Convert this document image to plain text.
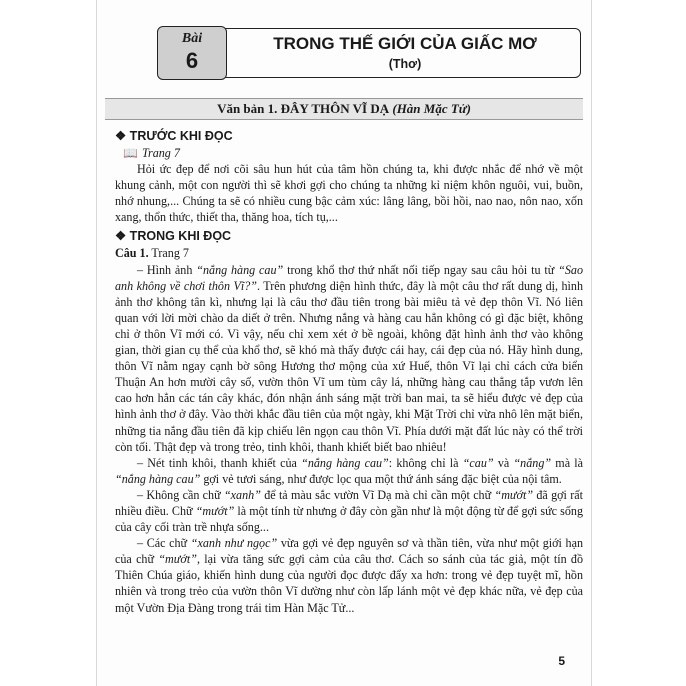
Bài
6
TRONG THẾ GIỚI CỦA GIẤC MƠ
(Thơ)
Văn bản 1. ĐÂY THÔN VĨ DẠ (Hàn Mặc Tử)
❖ TRƯỚC KHI ĐỌC
📖 Trang 7

Hỏi ức đẹp để nơi cõi sâu hun hút của tâm hồn chúng ta, khi được nhắc để nhớ về một khung cảnh, một con người thì sẽ khơi gợi cho chúng ta những kỉ niệm khôn nguôi, vui, buồn, nhớ nhung,... Chúng ta sẽ có nhiều cung bậc cảm xúc: lâng lâng, bồi hồi, nao nao, nôn nao, xốn xang, thổn thức, thiết tha, thăng hoa, tích tụ,...

❖ TRONG KHI ĐỌC
Câu 1. Trang 7

– Hình ảnh “nắng hàng cau” trong khổ thơ thứ nhất nối tiếp ngay sau câu hỏi tu từ “Sao anh không về chơi thôn Vĩ?”. Trên phương diện hình thức, đây là một câu thơ rất dung dị, hình ảnh thơ không tân kì, nhưng lại là câu thơ đầu tiên trong bài miêu tả vẻ đẹp thôn Vĩ. Nó liên quan với lời mời chào da diết ở trên. Nhưng nắng và hàng cau hẳn không có gì đặc biệt, không chỉ ở thôn Vĩ mới có. Vì vậy, nếu chỉ xem xét ở bề ngoài, không đặt hình ảnh thơ vào không gian, thời gian cụ thể của khổ thơ, sẽ khó mà thấy được cái hay, cái đẹp của nó. Hãy hình dung, thôn Vĩ nằm ngay cạnh bờ sông Hương thơ mộng của xứ Huế, thôn Vĩ lại chỉ cách cửa biển Thuận An hơn mười cây số, vườn thôn Vĩ um tùm cây lá, những hàng cau thẳng tắp vươn lên cao hơn hẳn các tán cây khác, đón nhận ánh sáng mặt trời ban mai, ta sẽ hiểu được vẻ đẹp của hình ảnh thơ ở đây. Vào thời khắc đầu tiên của một ngày, khi Mặt Trời chỉ vừa nhô lên mặt biển, những tia nắng đầu tiên đã kịp chiếu lên ngọn cau thôn Vĩ. Phía dưới mặt đất lúc này có thể trời còn tối. Thật đẹp và trong trẻo, tinh khôi, thanh khiết biết bao nhiêu!

– Nét tinh khôi, thanh khiết của “nắng hàng cau”: không chỉ là “cau” và “nắng” mà là “nắng hàng cau” gợi vẻ tươi sáng, như được lọc qua một thứ ánh sáng đặc biệt của nội tâm.

– Không cần chữ “xanh” để tả màu sắc vườn Vĩ Dạ mà chỉ cần một chữ “mướt” đã gợi rất nhiều điều. Chữ “mướt” là một tính từ nhưng ở đây còn gần như là một động từ để gợi sức sống của cây cối tràn trề nhựa sống...

– Các chữ “xanh như ngọc” vừa gợi vẻ đẹp nguyên sơ và thần tiên, vừa như một giới hạn của chữ “mướt”, lại vừa tăng sức gợi cảm của câu thơ. Cách so sánh của tác giả, một tín đồ Thiên Chúa giáo, khiến hình dung của người đọc được đẩy xa hơn: trong vẻ đẹp tuyệt mĩ, hồn nhiên và trong trẻo của vườn thôn Vĩ dường như còn lấp lánh một vẻ đẹp khác nữa, vẻ đẹp của một Vườn Địa Đàng trong trái tim Hàn Mặc Tử...

5
